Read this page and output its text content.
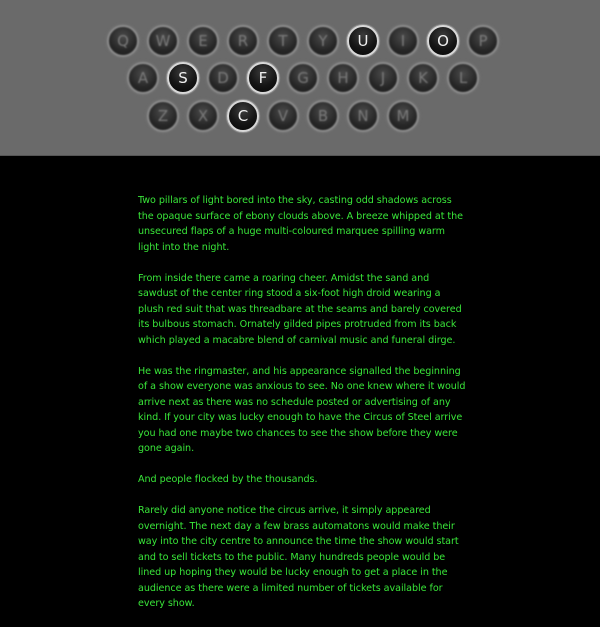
Q W E R T Y U I O P
A S D F G H J K L
Z X C V B N M

Two pillars of light bored into the sky, casting odd shadows across the opaque surface of ebony clouds above. A breeze whipped at the unsecured flaps of a huge multi-coloured marquee spilling warm light into the night.

From inside there came a roaring cheer. Amidst the sand and sawdust of the center ring stood a six-foot high droid wearing a plush red suit that was threadbare at the seams and barely covered its bulbous stomach. Ornately gilded pipes protruded from its back which played a macabre blend of carnival music and funeral dirge.

He was the ringmaster, and his appearance signalled the beginning of a show everyone was anxious to see. No one knew where it would arrive next as there was no schedule posted or advertising of any kind. If your city was lucky enough to have the Circus of Steel arrive you had one maybe two chances to see the show before they were gone again.

And people flocked by the thousands.

Rarely did anyone notice the circus arrive, it simply appeared overnight. The next day a few brass automatons would make their way into the city centre to announce the time the show would start and to sell tickets to the public. Many hundreds people would be lined up hoping they would be lucky enough to get a place in the audience as there were a limited number of tickets available for every show.
